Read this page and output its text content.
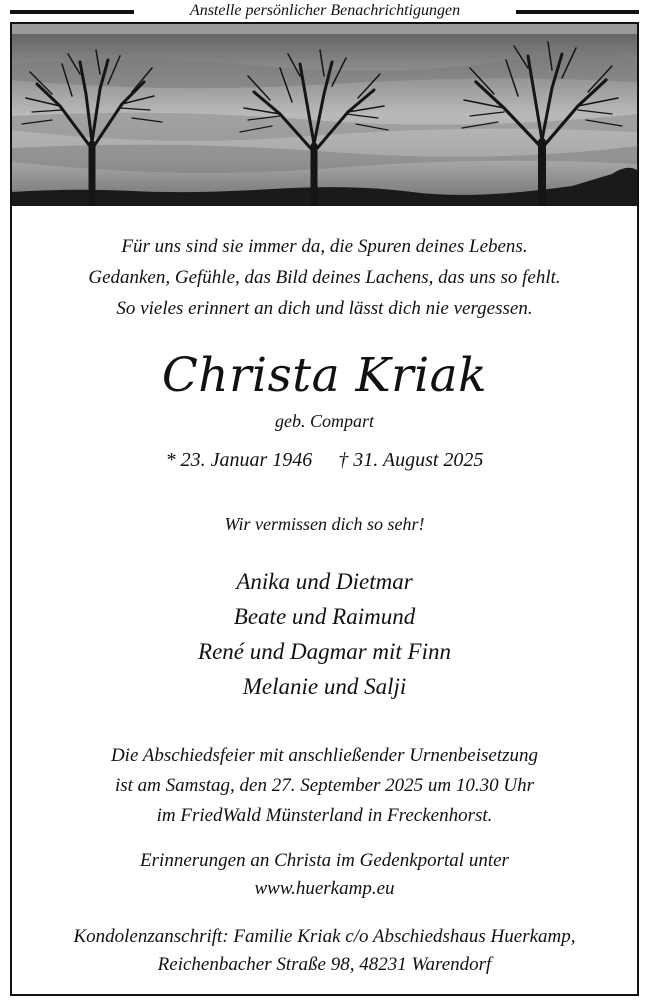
Anstelle persönlicher Benachrichtigungen
Für uns sind sie immer da, die Spuren deines Lebens.
Gedanken, Gefühle, das Bild deines Lachens, das uns so fehlt.
So vieles erinnert an dich und lässt dich nie vergessen.
Christa Kriak
geb. Compart
* 23. Januar 1946 † 31. August 2025
Wir vermissen dich so sehr!
Anika und Dietmar
Beate und Raimund
René und Dagmar mit Finn
Melanie und Salji
Die Abschiedsfeier mit anschließender Urnenbeisetzung
ist am Samstag, den 27. September 2025 um 10.30 Uhr
im FriedWald Münsterland in Freckenhorst.
Erinnerungen an Christa im Gedenkportal unter
www.huerkamp.eu
Kondolenzanschrift: Familie Kriak c/o Abschiedshaus Huerkamp,
Reichenbacher Straße 98, 48231 Warendorf
